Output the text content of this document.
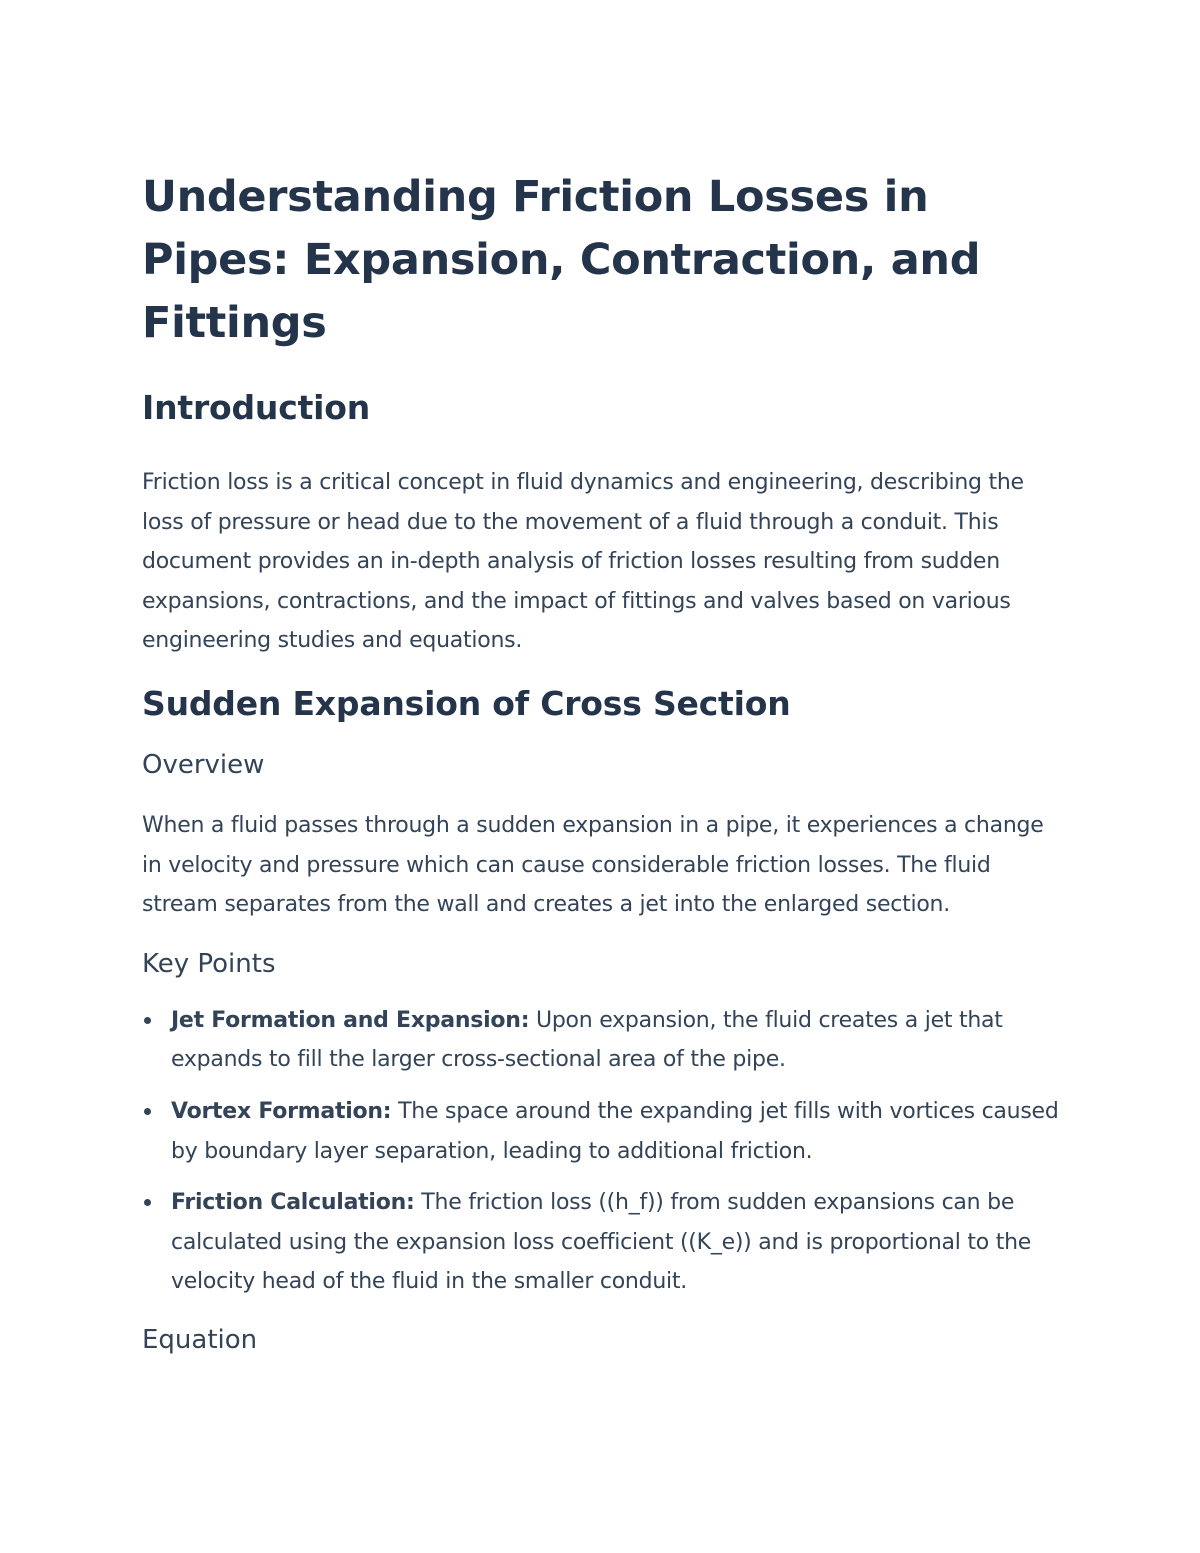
Understanding Friction Losses in Pipes: Expansion, Contraction, and Fittings
Introduction

Friction loss is a critical concept in fluid dynamics and engineering, describing the loss of pressure or head due to the movement of a fluid through a conduit. This document provides an in-depth analysis of friction losses resulting from sudden expansions, contractions, and the impact of fittings and valves based on various engineering studies and equations.

Sudden Expansion of Cross Section
Overview

When a fluid passes through a sudden expansion in a pipe, it experiences a change in velocity and pressure which can cause considerable friction losses. The fluid stream separates from the wall and creates a jet into the enlarged section.

Key Points
Jet Formation and Expansion: Upon expansion, the fluid creates a jet that expands to fill the larger cross-sectional area of the pipe.
Vortex Formation: The space around the expanding jet fills with vortices caused by boundary layer separation, leading to additional friction.
Friction Calculation: The friction loss ((h_f)) from sudden expansions can be calculated using the expansion loss coefficient ((K_e)) and is proportional to the velocity head of the fluid in the smaller conduit.
Equation
